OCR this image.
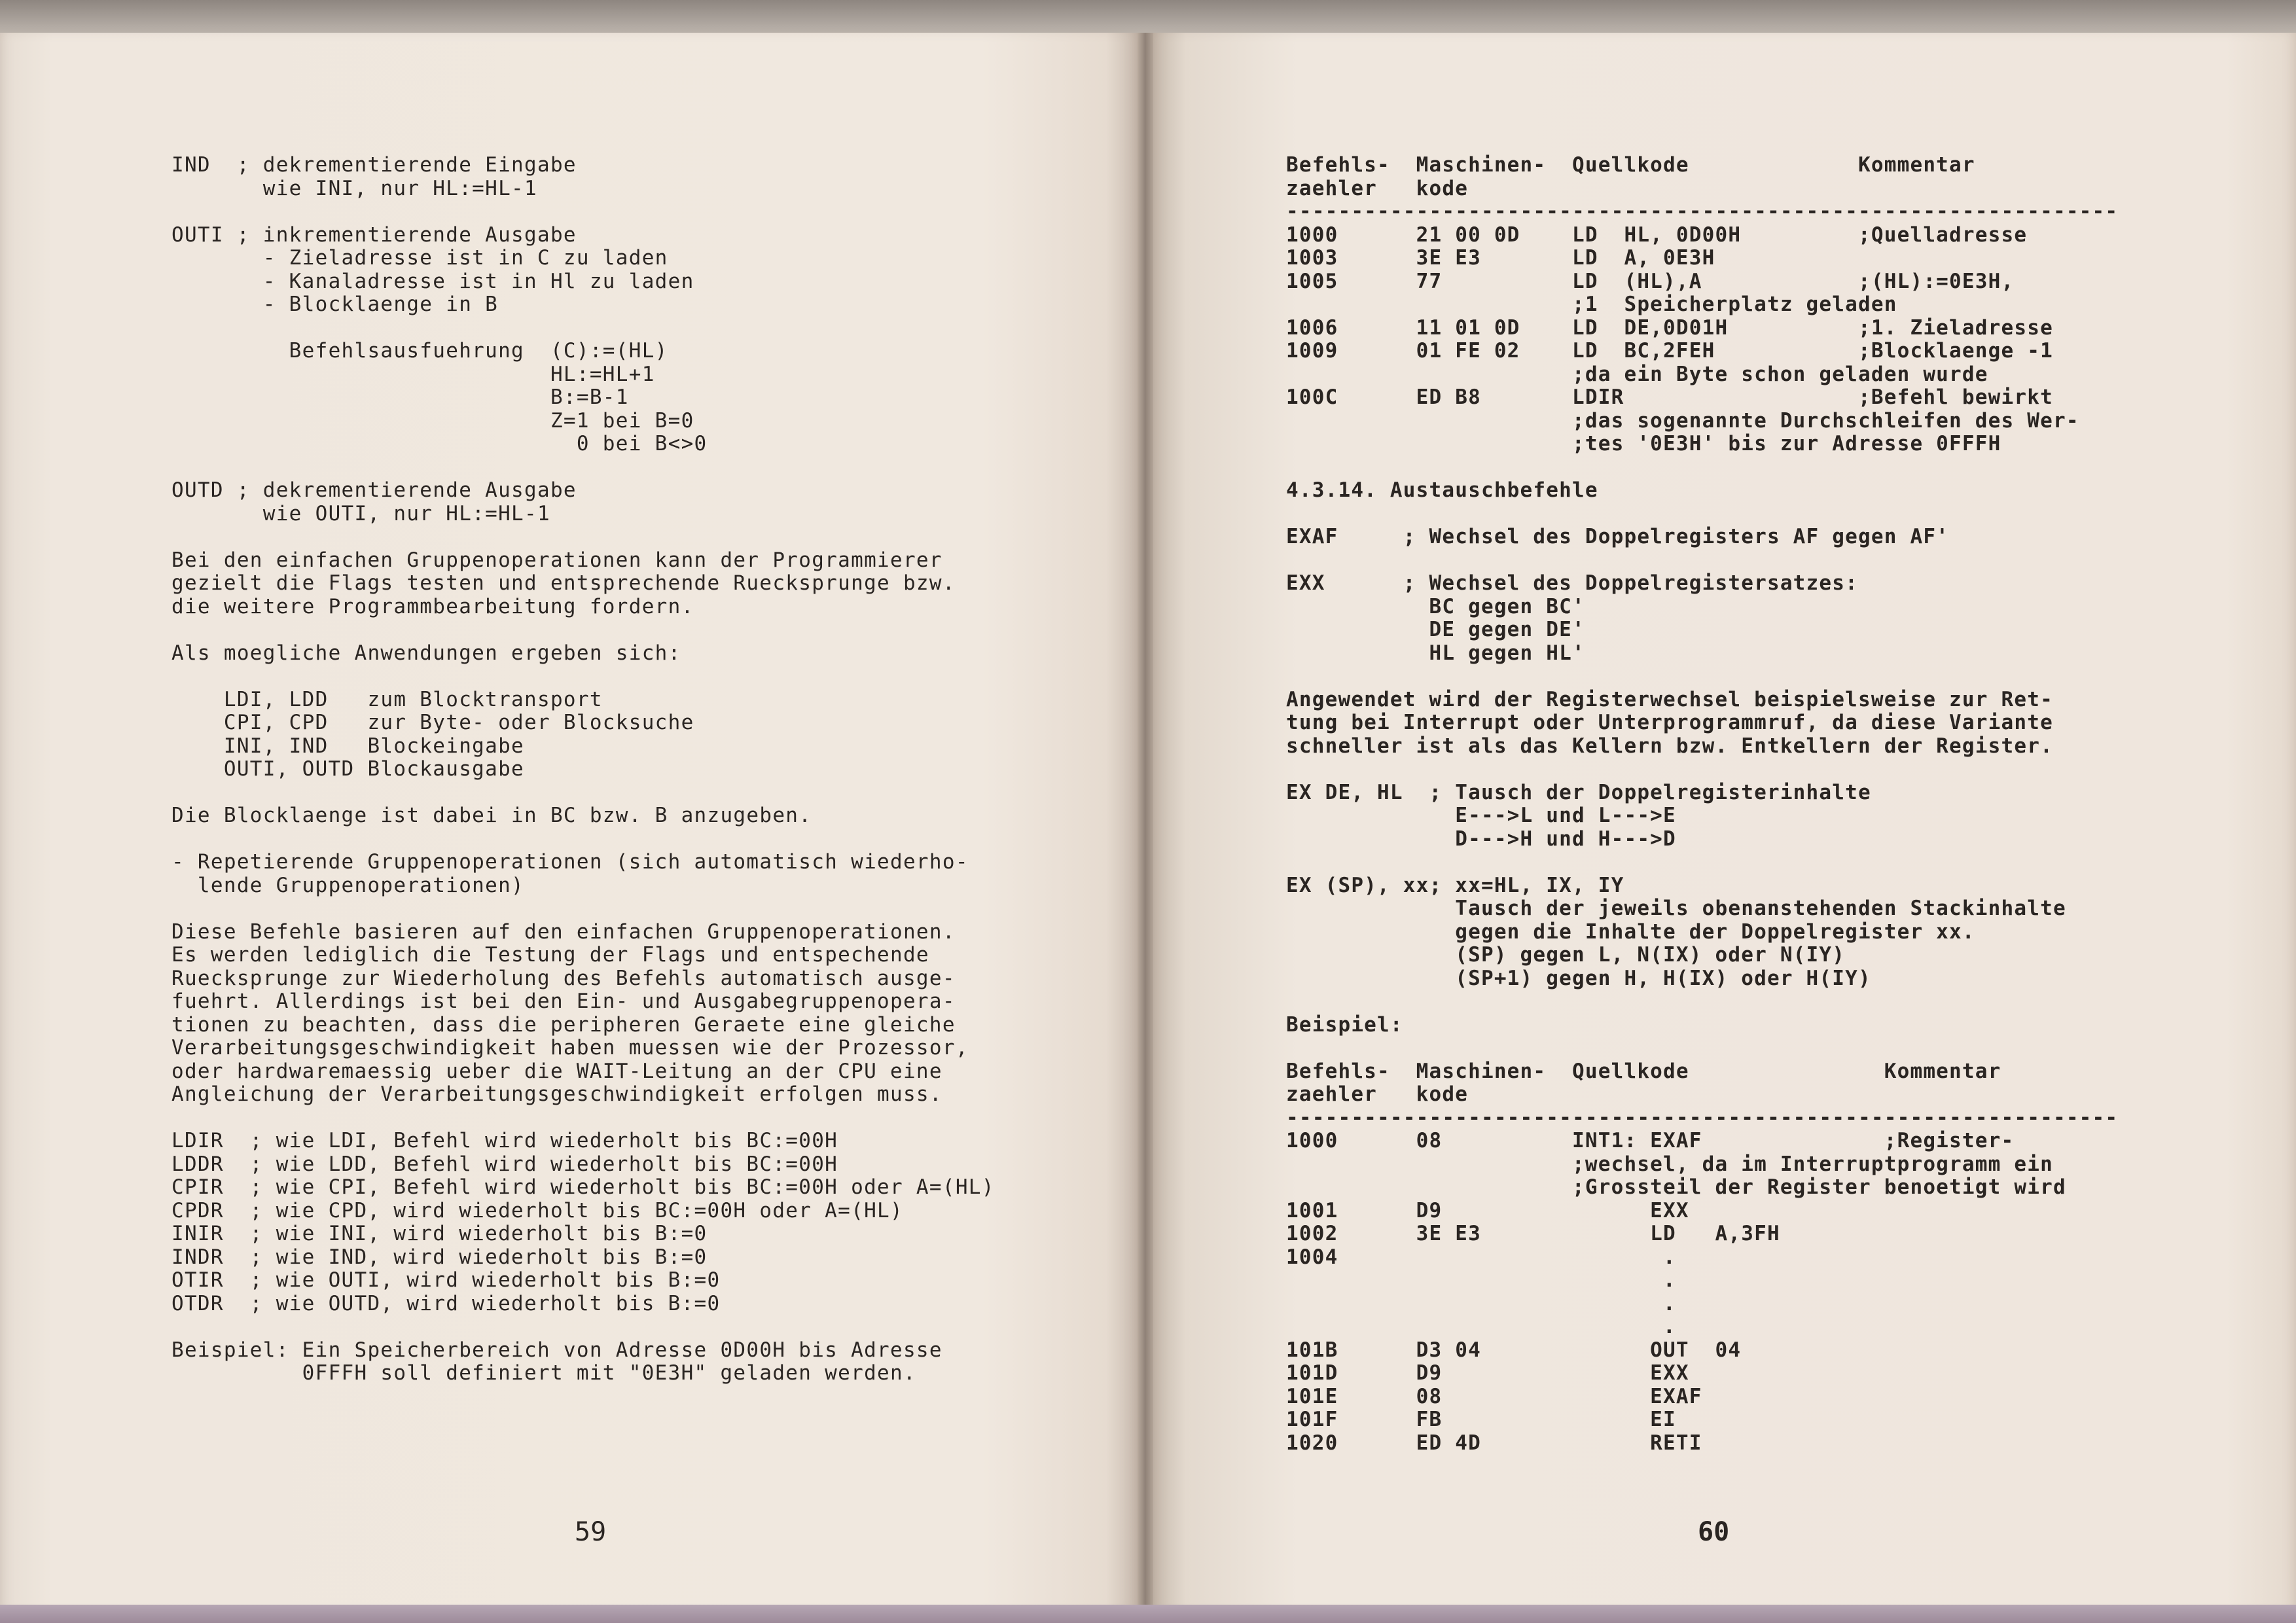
IND  ; dekrementierende Eingabe
wie INI, nur HL:=HL-1
OUTI ; inkrementierende Ausgabe
- Zieladresse ist in C zu laden
- Kanaladresse ist in Hl zu laden
- Blocklaenge in B
Befehlsausfuehrung  (C):=(HL)
HL:=HL+1
B:=B-1
Z=1 bei B=0
0 bei B<>0
OUTD ; dekrementierende Ausgabe
wie OUTI, nur HL:=HL-1
Bei den einfachen Gruppenoperationen kann der Programmierer
gezielt die Flags testen und entsprechende Ruecksprunge bzw.
die weitere Programmbearbeitung fordern.
Als moegliche Anwendungen ergeben sich:
LDI, LDD   zum Blocktransport
CPI, CPD   zur Byte- oder Blocksuche
INI, IND   Blockeingabe
OUTI, OUTD Blockausgabe
Die Blocklaenge ist dabei in BC bzw. B anzugeben.
- Repetierende Gruppenoperationen (sich automatisch wiederho-
lende Gruppenoperationen)
Diese Befehle basieren auf den einfachen Gruppenoperationen.
Es werden lediglich die Testung der Flags und entspechende
Ruecksprunge zur Wiederholung des Befehls automatisch ausge-
fuehrt. Allerdings ist bei den Ein- und Ausgabegruppenopera-
tionen zu beachten, dass die peripheren Geraete eine gleiche
Verarbeitungsgeschwindigkeit haben muessen wie der Prozessor,
oder hardwaremaessig ueber die WAIT-Leitung an der CPU eine
Angleichung der Verarbeitungsgeschwindigkeit erfolgen muss.
LDIR  ; wie LDI, Befehl wird wiederholt bis BC:=00H
LDDR  ; wie LDD, Befehl wird wiederholt bis BC:=00H
CPIR  ; wie CPI, Befehl wird wiederholt bis BC:=00H oder A=(HL)
CPDR  ; wie CPD, wird wiederholt bis BC:=00H oder A=(HL)
INIR  ; wie INI, wird wiederholt bis B:=0
INDR  ; wie IND, wird wiederholt bis B:=0
OTIR  ; wie OUTI, wird wiederholt bis B:=0
OTDR  ; wie OUTD, wird wiederholt bis B:=0
Beispiel: Ein Speicherbereich von Adresse 0D00H bis Adresse
0FFFH soll definiert mit "0E3H" geladen werden.
59
Befehls-  Maschinen-  Quellkode             Kommentar
zaehler   kode
----------------------------------------------------------------
1000      21 00 0D    LD  HL, 0D00H         ;Quelladresse
1003      3E E3       LD  A, 0E3H
1005      77          LD  (HL),A            ;(HL):=0E3H,
;1  Speicherplatz geladen
1006      11 01 0D    LD  DE,0D01H          ;1. Zieladresse
1009      01 FE 02    LD  BC,2FEH           ;Blocklaenge -1
;da ein Byte schon geladen wurde
100C      ED B8       LDIR                  ;Befehl bewirkt
;das sogenannte Durchschleifen des Wer-
;tes '0E3H' bis zur Adresse 0FFFH
4.3.14. Austauschbefehle
EXAF     ; Wechsel des Doppelregisters AF gegen AF'
EXX      ; Wechsel des Doppelregistersatzes:
BC gegen BC'
DE gegen DE'
HL gegen HL'
Angewendet wird der Registerwechsel beispielsweise zur Ret-
tung bei Interrupt oder Unterprogrammruf, da diese Variante
schneller ist als das Kellern bzw. Entkellern der Register.
EX DE, HL  ; Tausch der Doppelregisterinhalte
E--->L und L--->E
D--->H und H--->D
EX (SP), xx; xx=HL, IX, IY
Tausch der jeweils obenanstehenden Stackinhalte
gegen die Inhalte der Doppelregister xx.
(SP) gegen L, N(IX) oder N(IY)
(SP+1) gegen H, H(IX) oder H(IY)
Beispiel:
Befehls-  Maschinen-  Quellkode               Kommentar
zaehler   kode
----------------------------------------------------------------
1000      08          INT1: EXAF              ;Register-
;wechsel, da im Interruptprogramm ein
;Grossteil der Register benoetigt wird
1001      D9                EXX
1002      3E E3             LD   A,3FH
1004                         .
.
.
.
101B      D3 04             OUT  04
101D      D9                EXX
101E      08                EXAF
101F      FB                EI
1020      ED 4D             RETI
60
